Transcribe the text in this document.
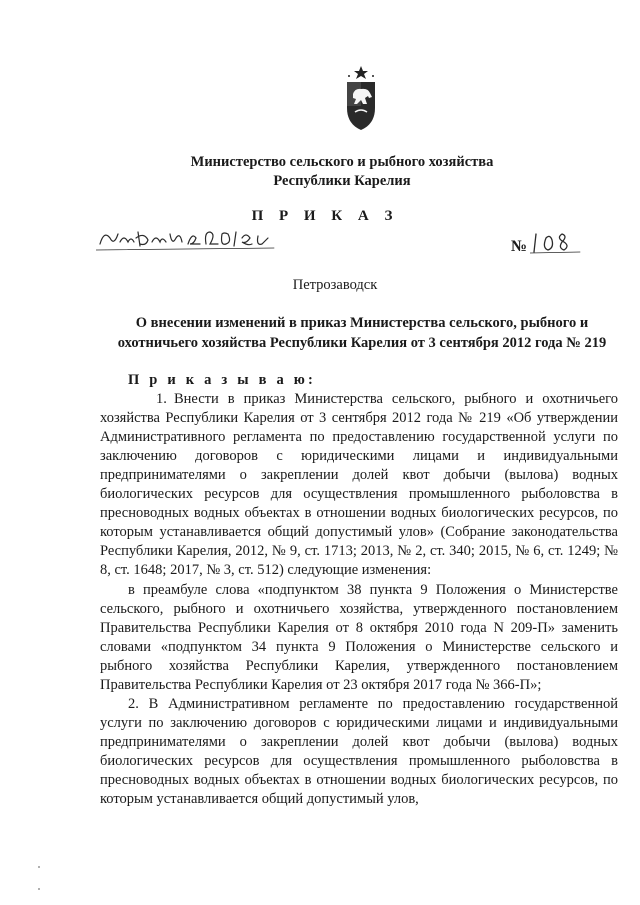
Министерство сельского и рыбного хозяйства
Республики Карелия
П Р И К А З
№
Петрозаводск
О внесении изменений в приказ Министерства сельского, рыбного и
охотничьего хозяйства Республики Карелия от 3 сентября 2012 года № 219
П р и к а з ы в а ю:

1. Внести в приказ Министерства сельского, рыбного и охотничьего хозяйства Республики Карелия от 3 сентября 2012 года № 219 «Об утверждении Административного регламента по предоставлению государственной услуги по заключению договоров с юридическими лицами и индивидуальными предпринимателями о закреплении долей квот добычи (вылова) водных биологических ресурсов для осуществления промышленного рыболовства в пресноводных водных объектах в отношении водных биологических ресурсов, по которым устанавливается общий допустимый улов» (Собрание законодательства Республики Карелия, 2012, № 9, ст. 1713; 2013, № 2, ст. 340; 2015, № 6, ст. 1249; № 8, ст. 1648; 2017, № 3, ст. 512) следующие изменения:

в преамбуле слова «подпунктом 38 пункта 9 Положения о Министерстве сельского, рыбного и охотничьего хозяйства, утвержденного постановлением Правительства Республики Карелия от 8 октября 2010 года N 209-П» заменить словами «подпунктом 34 пункта 9 Положения о Министерстве сельского и рыбного хозяйства Республики Карелия, утвержденного постановлением Правительства Республики Карелия от 23 октября 2017 года № 366-П»;

2. В Административном регламенте по предоставлению государственной услуги по заключению договоров с юридическими лицами и индивидуальными предпринимателями о закреплении долей квот добычи (вылова) водных биологических ресурсов для осуществления промышленного рыболовства в пресноводных водных объектах в отношении водных биологических ресурсов, по которым устанавливается общий допустимый улов,
